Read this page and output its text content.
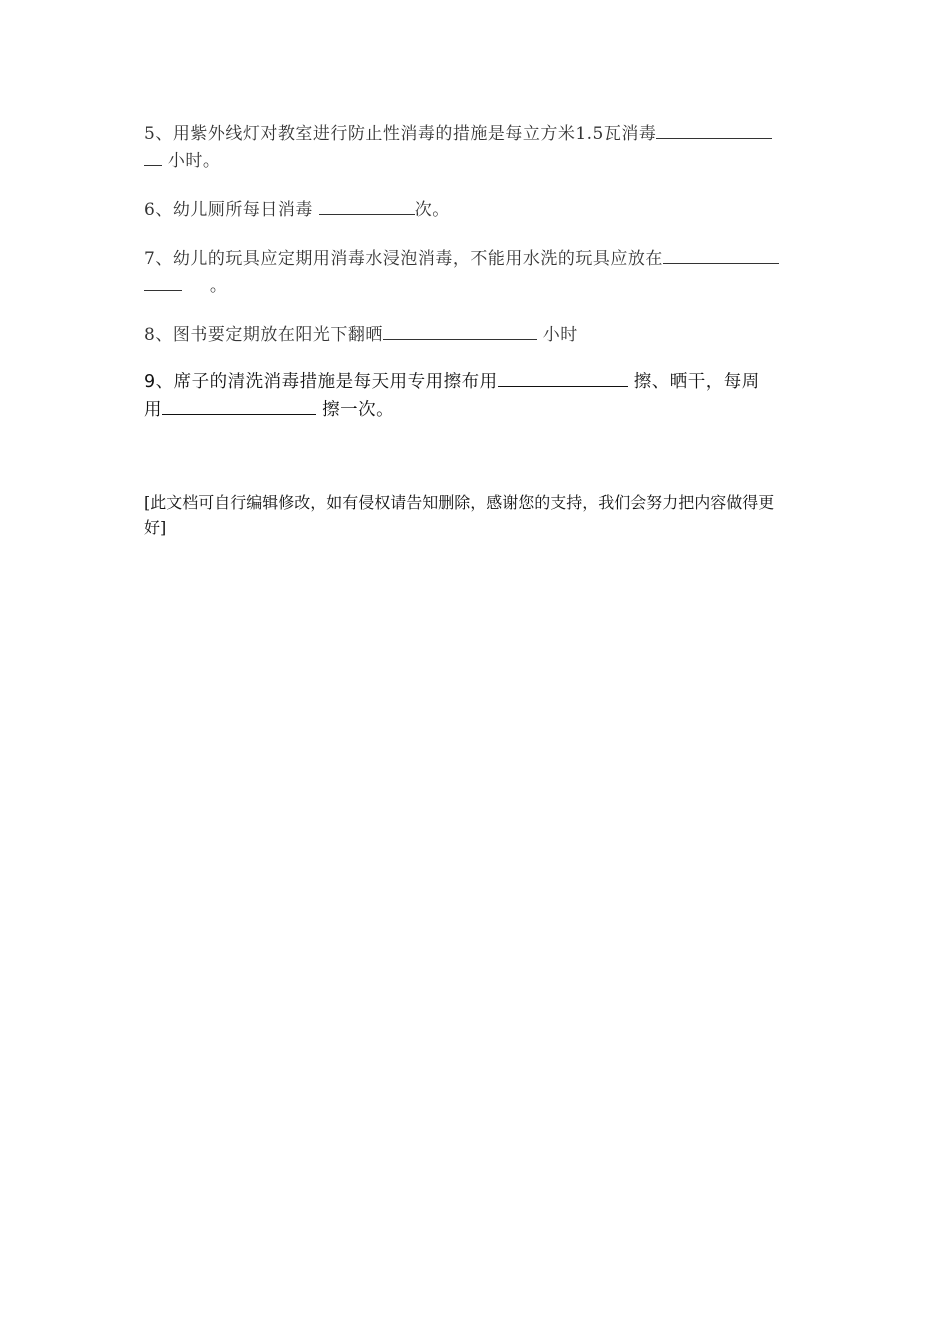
5、用紫外线灯对教室进行防止性消毒的措施是每立方米1.5瓦消毒
小时。

6、幼儿厕所每日消毒	次。

7、幼儿的玩具应定期用消毒水浸泡消毒，不能用水洗的玩具应放在
。

8、图书要定期放在阳光下翻晒	小时

9、席子的清洗消毒措施是每天用专用擦布用	擦、晒干，每周
用	擦一次。

[此文档可自行编辑修改，如有侵权请告知删除，感谢您的支持，我们会努力把内容做得更
好]
